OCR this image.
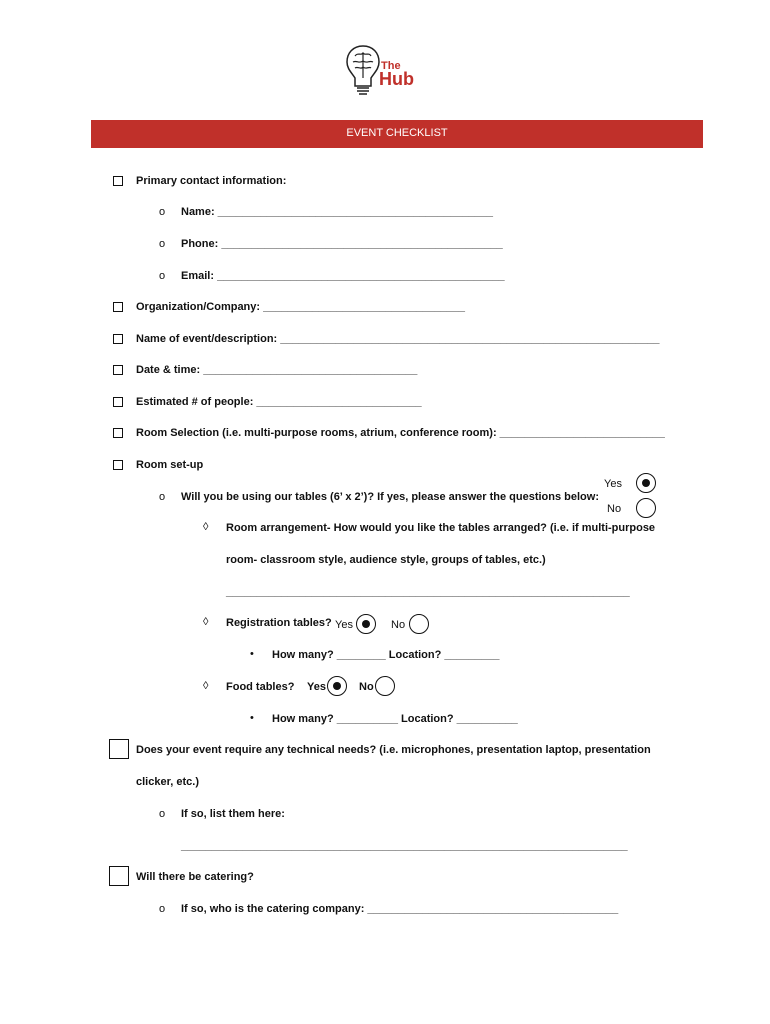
The
Hub
EVENT CHECKLIST
Primary contact information:
o Name: _____________________________________________
o Phone: ______________________________________________
o Email: _______________________________________________
Organization/Company: _________________________________
Name of event/description: ______________________________________________________________
Date & time: ___________________________________
Estimated # of people: ___________________________
Room Selection (i.e. multi-purpose rooms, atrium, conference room): ___________________________
Room set-up
Yes
No
o Will you be using our tables (6’ x 2’)? If yes, please answer the questions below:
◊ Room arrangement- How would you like the tables arranged? (i.e. if multi-purpose
room- classroom style, audience style, groups of tables, etc.)
__________________________________________________________________
◊ Registration tables? Yes	No
• How many? ________ Location? _________
◊ Food tables? Yes	No
• How many? __________ Location? __________
Does your event require any technical needs? (i.e. microphones, presentation laptop, presentation
clicker, etc.)
o If so, list them here:
_________________________________________________________________________
Will there be catering?
o If so, who is the catering company: _________________________________________
